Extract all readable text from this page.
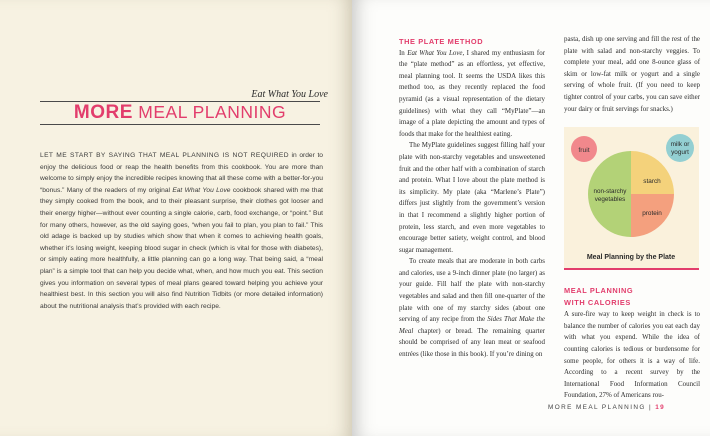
Eat What You Love
MORE MEAL PLANNING
LET ME START BY SAYING THAT MEAL PLANNING IS NOT REQUIRED in order to enjoy the delicious food or reap the health benefits from this cookbook. You are more than welcome to simply enjoy the incredible recipes knowing that all these come with a better-for-you “bonus.” Many of the readers of my original Eat What You Love cookbook shared with me that they simply cooked from the book, and to their pleasant surprise, their clothes got looser and their energy higher—without ever counting a single calorie, carb, food exchange, or “point.” But for many others, however, as the old saying goes, “when you fail to plan, you plan to fail.” This old adage is backed up by studies which show that when it comes to achieving health goals, whether it’s losing weight, keeping blood sugar in check (which is vital for those with diabetes), or simply eating more healthfully, a little planning can go a long way. That being said, a “meal plan” is a simple tool that can help you decide what, when, and how much you eat. This section gives you information on several types of meal plans geared toward helping you achieve your healthiest best. In this section you will also find Nutrition Tidbits (or more detailed information) about the nutritional analysis that’s provided with each recipe.
THE PLATE METHOD

In Eat What You Love, I shared my enthusiasm for the “plate method” as an effortless, yet effective, meal planning tool. It seems the USDA likes this method too, as they recently replaced the food pyramid (as a visual representation of the dietary guidelines) with what they call “MyPlate”—an image of a plate depicting the amount and types of foods that make for the healthiest eating.

The MyPlate guidelines suggest filling half your plate with non-starchy vegetables and unsweetened fruit and the other half with a combination of starch and protein. What I love about the plate method is its simplicity. My plate (aka “Marlene’s Plate”) differs just slightly from the government’s version in that I recommend a slightly higher portion of protein, less starch, and even more vegetables to encourage better satiety, weight control, and blood sugar management.

To create meals that are moderate in both carbs and calories, use a 9-inch dinner plate (no larger) as your guide. Fill half the plate with non-starchy vegetables and salad and then fill one-quarter of the plate with one of my starchy sides (about one serving of any recipe from the Sides That Make the Meal chapter) or bread. The remaining quarter should be comprised of any lean meat or seafood entrées (like those in this book). If you’re dining on

pasta, dish up one serving and fill the rest of the plate with salad and non-starchy veggies. To complete your meal, add one 8-ounce glass of skim or low-fat milk or yogurt and a single serving of whole fruit. (If you need to keep tighter control of your carbs, you can save either your dairy or fruit servings for snacks.)

fruit
milk or
yogurt
non-starchy
vegetables
starch
protein
Meal Planning by the Plate
MEAL PLANNING
WITH CALORIES

A sure-fire way to keep weight in check is to balance the number of calories you eat each day with what you expend. While the idea of counting calories is tedious or burdensome for some people, for others it is a way of life. According to a recent survey by the International Food Information Council Foundation, 27% of Americans rou-

MORE MEAL PLANNING | 19
